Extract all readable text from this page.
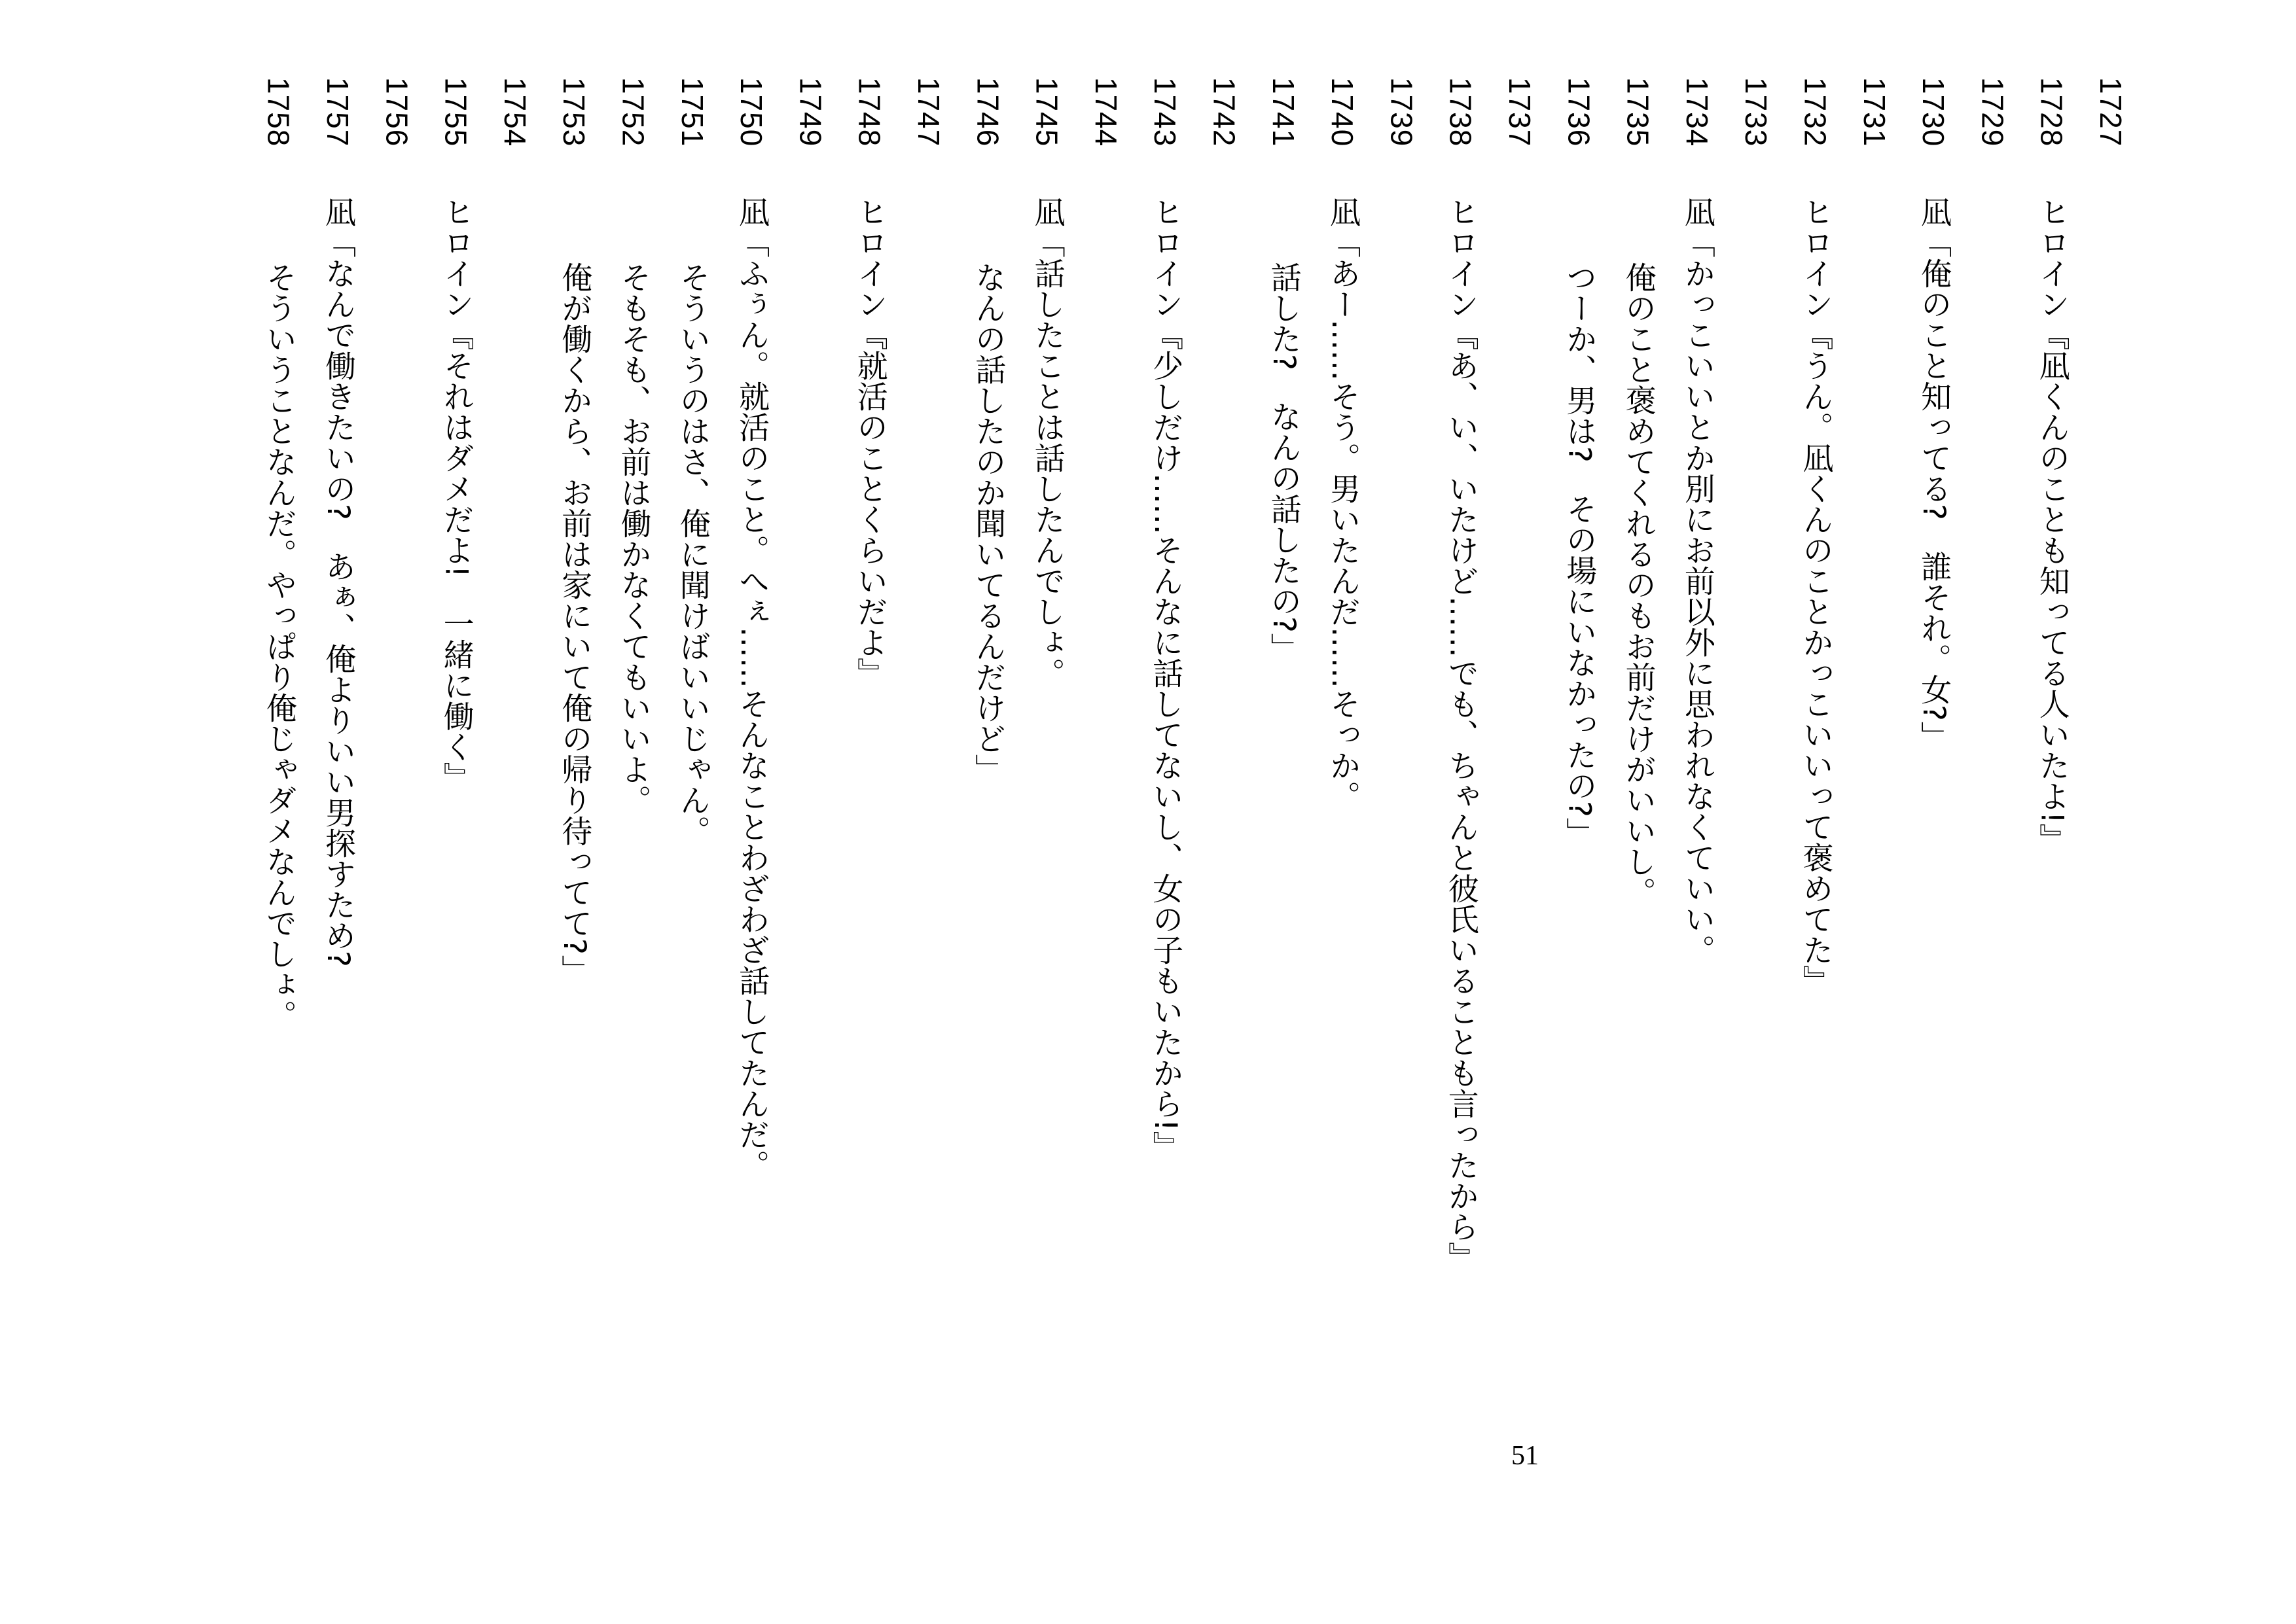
1727
1728
ヒロイン『凪くんのことも知ってる人いたよ!』
1729
1730
凪「俺のこと知ってる?　誰それ。女?」
1731
1732
ヒロイン『うん。凪くんのことかっこいいって褒めてた』
1733
1734
凪「かっこいいとか別にお前以外に思われなくていい。
1735
俺のこと褒めてくれるのもお前だけがいいし。
1736
つーか、男は?　その場にいなかったの?」
1737
1738
ヒロイン『あ、い、いたけど……でも、ちゃんと彼氏いることも言ったから』
1739
1740
凪「あー……そう。男いたんだ……そっか。
1741
話した?　なんの話したの?」
1742
1743
ヒロイン『少しだけ……そんなに話してないし、女の子もいたから!』
1744
1745
凪「話したことは話したんでしょ。
1746
なんの話したのか聞いてるんだけど」
1747
1748
ヒロイン『就活のことくらいだよ』
1749
1750
凪「ふぅん。就活のこと。へぇ……そんなことわざわざ話してたんだ。
1751
そういうのはさ、俺に聞けばいいじゃん。
1752
そもそも、お前は働かなくてもいいよ。
1753
俺が働くから、お前は家にいて俺の帰り待ってて?」
1754
1755
ヒロイン『それはダメだよ!　一緒に働く』
1756
1757
凪「なんで働きたいの?　あぁ、俺よりいい男探すため?
1758
そういうことなんだ。やっぱり俺じゃダメなんでしょ。
51
